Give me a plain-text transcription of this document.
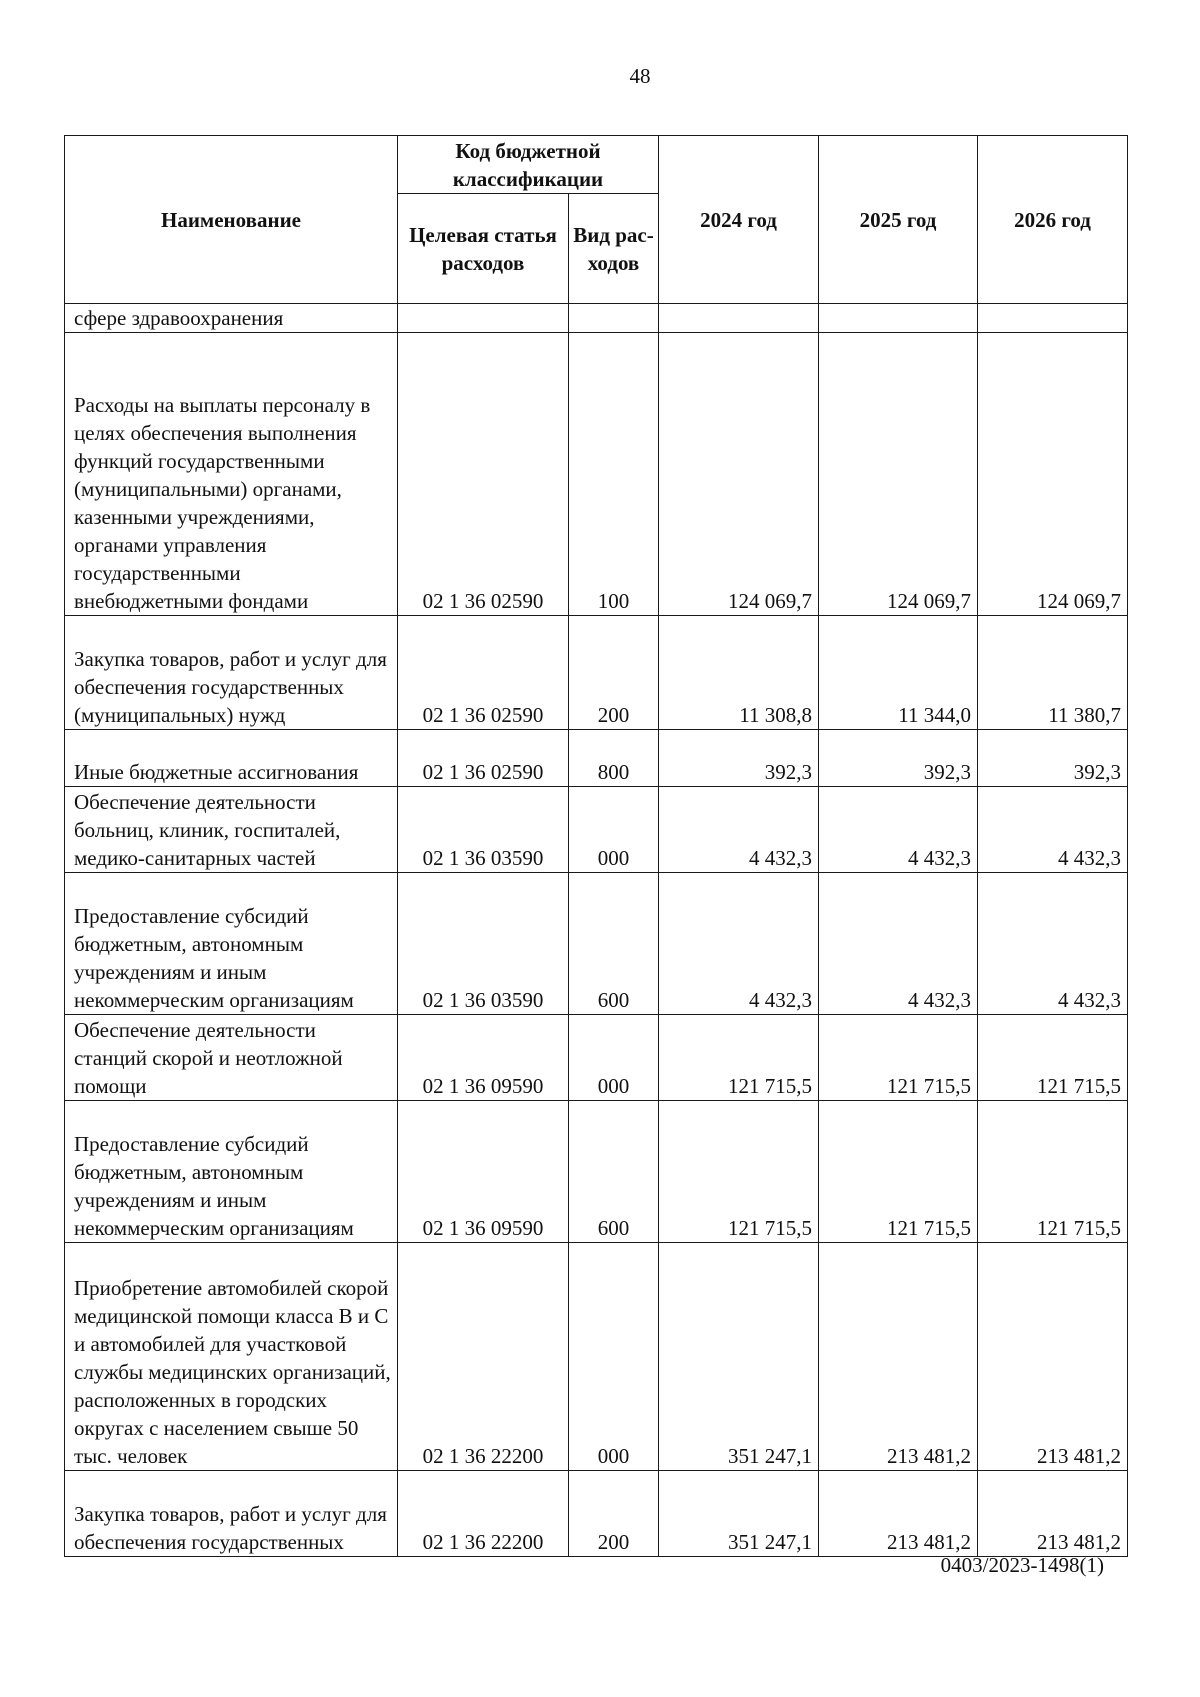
48
Наименование	Код бюджетной классификации		2024 год	2025 год	2026 год
	Целевая статья расходов	Вид рас-ходов			
сфере здравоохранения					
Расходы на выплаты персоналу в целях обеспечения выполнения функций государственными (муниципальными) органами, казенными учреждениями, органами управления государственными внебюджетными фондами	02 1 36 02590	100	124 069,7	124 069,7	124 069,7
Закупка товаров, работ и услуг для обеспечения государственных (муниципальных) нужд	02 1 36 02590	200	11 308,8	11 344,0	11 380,7
Иные бюджетные ассигнования	02 1 36 02590	800	392,3	392,3	392,3
Обеспечение деятельности больниц, клиник, госпиталей, медико-санитарных частей	02 1 36 03590	000	4 432,3	4 432,3	4 432,3
Предоставление субсидий бюджетным, автономным учреждениям и иным некоммерческим организациям	02 1 36 03590	600	4 432,3	4 432,3	4 432,3
Обеспечение деятельности станций скорой и неотложной помощи	02 1 36 09590	000	121 715,5	121 715,5	121 715,5
Предоставление субсидий бюджетным, автономным учреждениям и иным некоммерческим организациям	02 1 36 09590	600	121 715,5	121 715,5	121 715,5
Приобретение автомобилей скорой медицинской помощи класса В и С и автомобилей для участковой службы медицинских организаций, расположенных в городских округах с населением свыше 50 тыс. человек	02 1 36 22200	000	351 247,1	213 481,2	213 481,2
Закупка товаров, работ и услуг для обеспечения государственных	02 1 36 22200	200	351 247,1	213 481,2	213 481,2
0403/2023-1498(1)
